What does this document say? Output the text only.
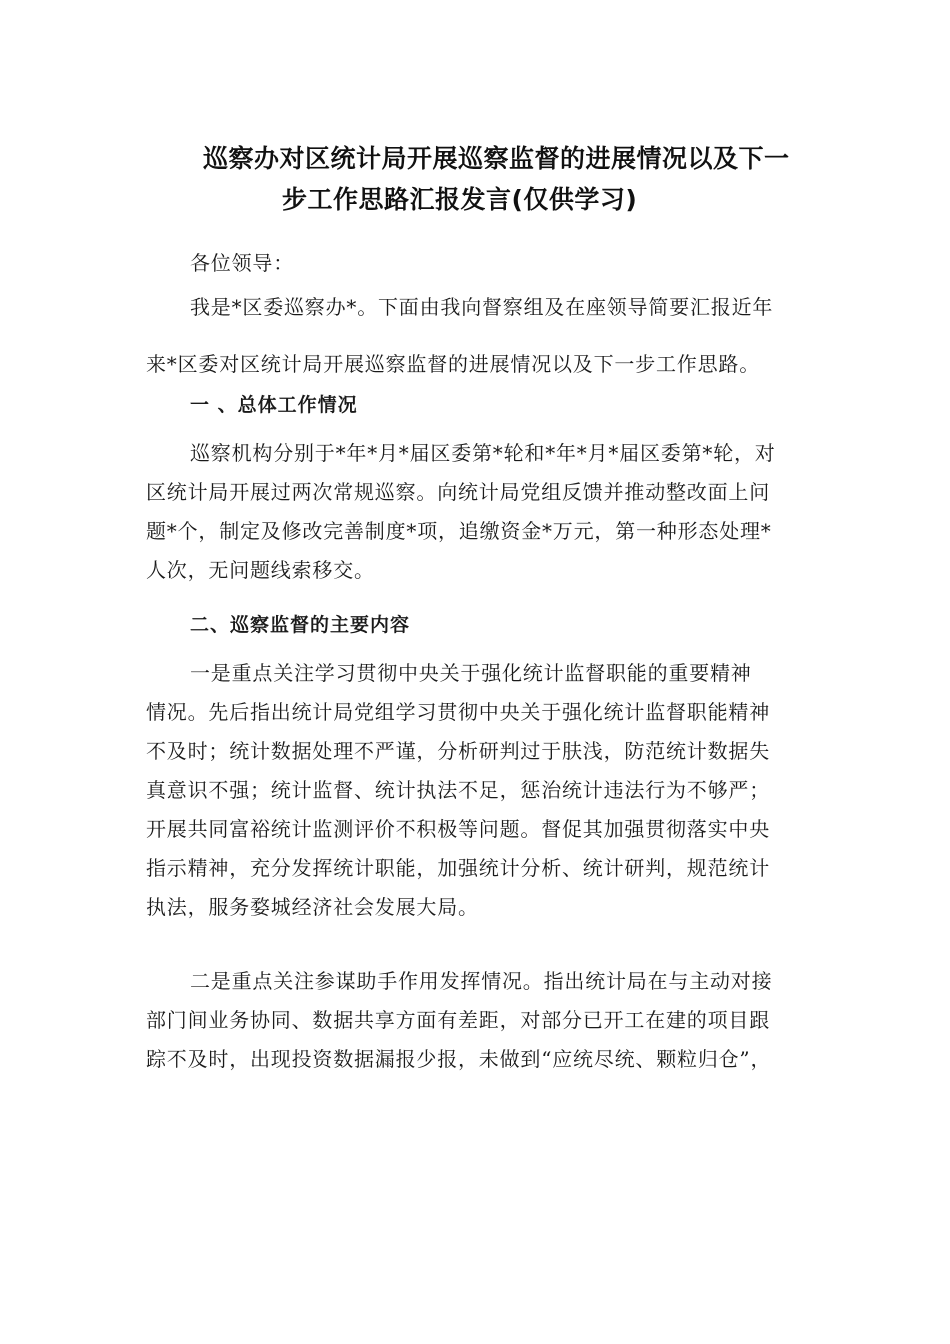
巡察办对区统计局开展巡察监督的进展情况以及下一
步工作思路汇报发言(仅供学习)

各位领导：

我是*区委巡察办*。下面由我向督察组及在座领导简要汇报近年
来*区委对区统计局开展巡察监督的进展情况以及下一步工作思路。

一 、总体工作情况

巡察机构分别于*年*月*届区委第*轮和*年*月*届区委第*轮，对
区统计局开展过两次常规巡察。向统计局党组反馈并推动整改面上问
题*个，制定及修改完善制度*项，追缴资金*万元，第一种形态处理*
人次，无问题线索移交。

二、巡察监督的主要内容

一是重点关注学习贯彻中央关于强化统计监督职能的重要精神
情况。先后指出统计局党组学习贯彻中央关于强化统计监督职能精神
不及时；统计数据处理不严谨，分析研判过于肤浅，防范统计数据失
真意识不强；统计监督、统计执法不足，惩治统计违法行为不够严；
开展共同富裕统计监测评价不积极等问题。督促其加强贯彻落实中央
指示精神，充分发挥统计职能，加强统计分析、统计研判，规范统计
执法，服务婺城经济社会发展大局。
二是重点关注参谋助手作用发挥情况。指出统计局在与主动对接
部门间业务协同、数据共享方面有差距，对部分已开工在建的项目跟
踪不及时，出现投资数据漏报少报，未做到“应统尽统、颗粒归仓”，
